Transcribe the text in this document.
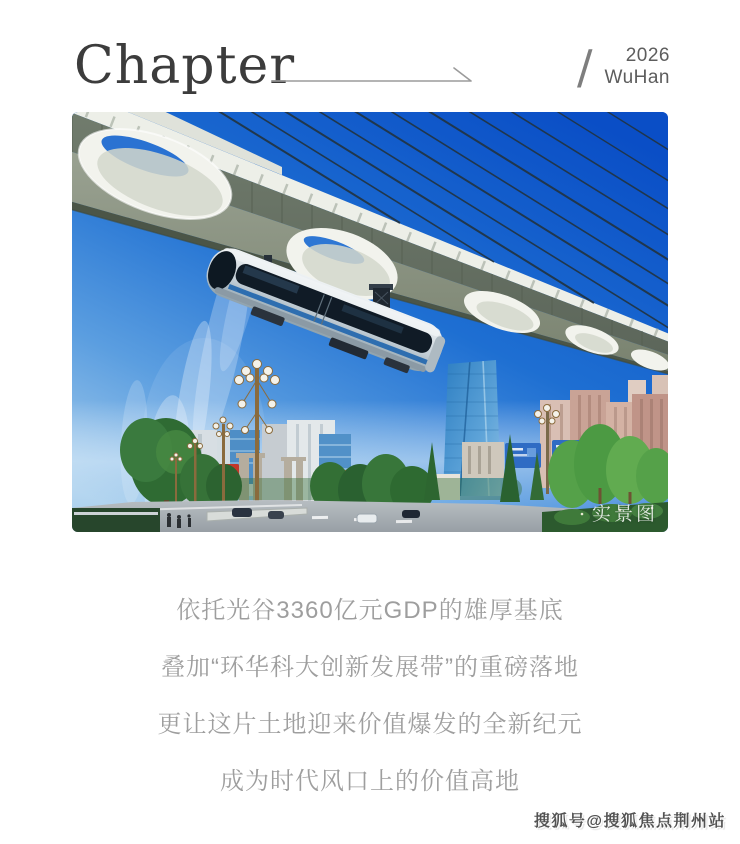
Chapter	/	2026
WuHan
实景图

依托光谷3360亿元GDP的雄厚基底

叠加“环华科大创新发展带”的重磅落地

更让这片土地迎来价值爆发的全新纪元

成为时代风口上的价值高地

搜狐号@搜狐焦点荆州站
